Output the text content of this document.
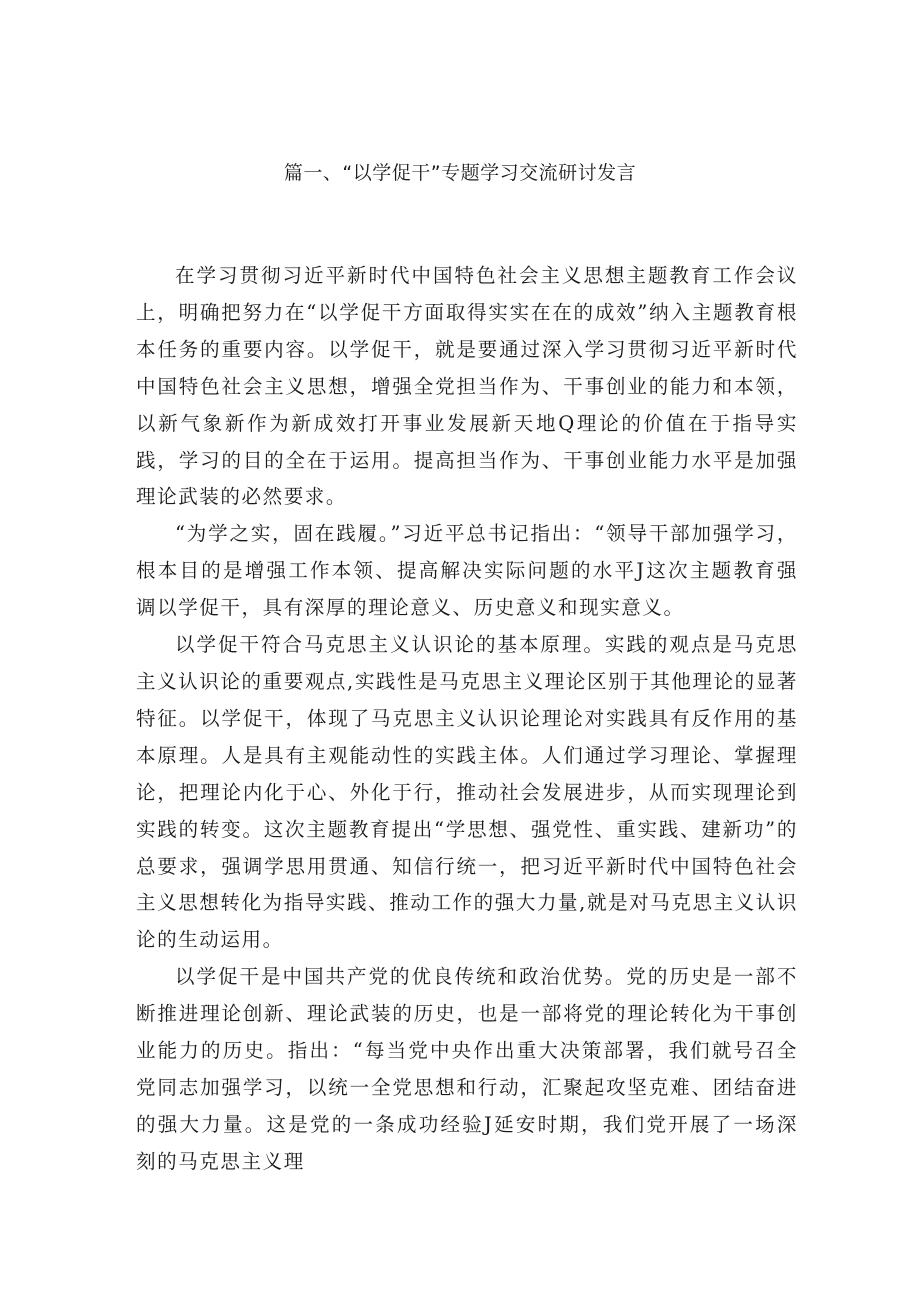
篇一、“以学促干”专题学习交流研讨发言

在学习贯彻习近平新时代中国特色社会主义思想主题教育工作会议上，明确把努力在“以学促干方面取得实实在在的成效”纳入主题教育根本任务的重要内容。以学促干，就是要通过深入学习贯彻习近平新时代中国特色社会主义思想，增强全党担当作为、干事创业的能力和本领，以新气象新作为新成效打开事业发展新天地Q理论的价值在于指导实践，学习的目的全在于运用。提高担当作为、干事创业能力水平是加强理论武装的必然要求。

“为学之实，固在践履。”习近平总书记指出：“领导干部加强学习，根本目的是增强工作本领、提高解决实际问题的水平J这次主题教育强调以学促干，具有深厚的理论意义、历史意义和现实意义。

以学促干符合马克思主义认识论的基本原理。实践的观点是马克思主义认识论的重要观点,实践性是马克思主义理论区别于其他理论的显著特征。以学促干，体现了马克思主义认识论理论对实践具有反作用的基本原理。人是具有主观能动性的实践主体。人们通过学习理论、掌握理论，把理论内化于心、外化于行，推动社会发展进步，从而实现理论到实践的转变。这次主题教育提出“学思想、强党性、重实践、建新功”的总要求，强调学思用贯通、知信行统一，把习近平新时代中国特色社会主义思想转化为指导实践、推动工作的强大力量,就是对马克思主义认识论的生动运用。

以学促干是中国共产党的优良传统和政治优势。党的历史是一部不断推进理论创新、理论武装的历史，也是一部将党的理论转化为干事创业能力的历史。指出：“每当党中央作出重大决策部署，我们就号召全党同志加强学习，以统一全党思想和行动，汇聚起攻坚克难、团结奋进的强大力量。这是党的一条成功经验J延安时期，我们党开展了一场深刻的马克思主义理
